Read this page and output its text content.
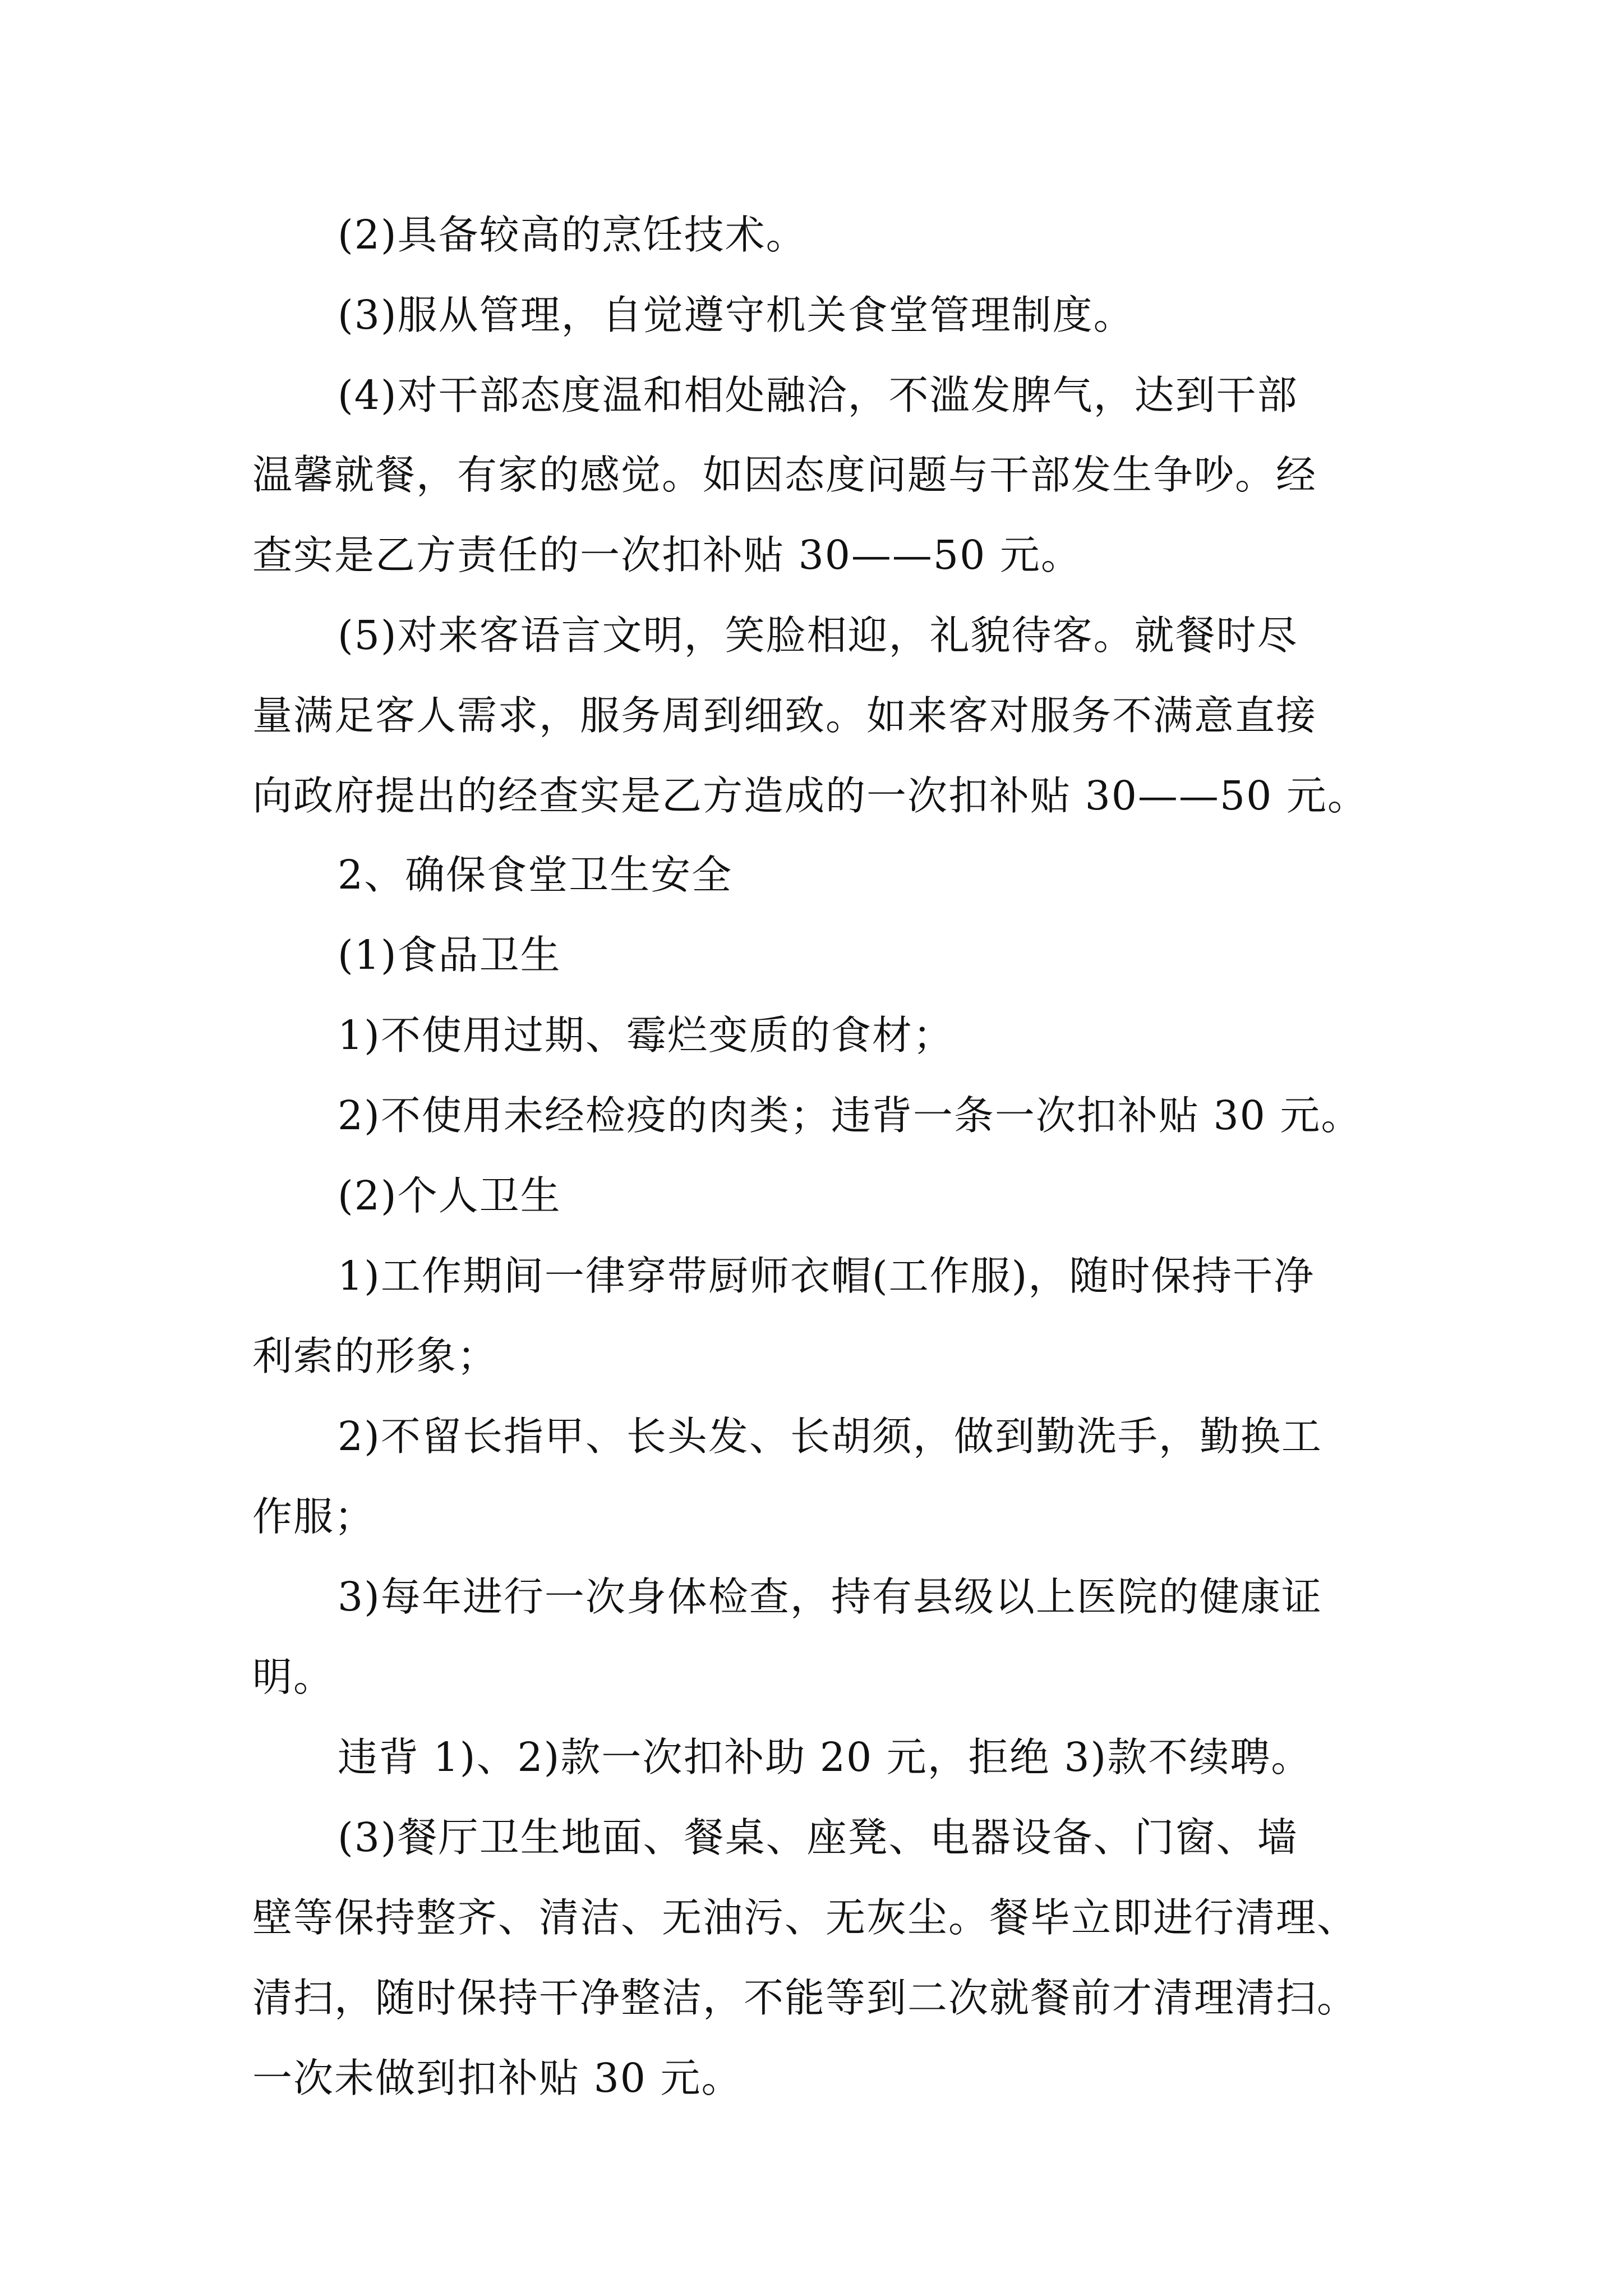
(2)具备较高的烹饪技术。
(3)服从管理，自觉遵守机关食堂管理制度。
(4)对干部态度温和相处融洽，不滥发脾气，达到干部
温馨就餐，有家的感觉。如因态度问题与干部发生争吵。经
查实是乙方责任的一次扣补贴 30——50 元。
(5)对来客语言文明，笑脸相迎，礼貌待客。就餐时尽
量满足客人需求，服务周到细致。如来客对服务不满意直接
向政府提出的经查实是乙方造成的一次扣补贴 30——50 元。
2、确保食堂卫生安全
(1)食品卫生
1)不使用过期、霉烂变质的食材；
2)不使用未经检疫的肉类；违背一条一次扣补贴 30 元。
(2)个人卫生
1)工作期间一律穿带厨师衣帽(工作服)，随时保持干净
利索的形象；
2)不留长指甲、长头发、长胡须，做到勤洗手，勤换工
作服；
3)每年进行一次身体检查，持有县级以上医院的健康证
明。
违背 1)、2)款一次扣补助 20 元，拒绝 3)款不续聘。
(3)餐厅卫生地面、餐桌、座凳、电器设备、门窗、墙
壁等保持整齐、清洁、无油污、无灰尘。餐毕立即进行清理、
清扫，随时保持干净整洁，不能等到二次就餐前才清理清扫。
一次未做到扣补贴 30 元。
